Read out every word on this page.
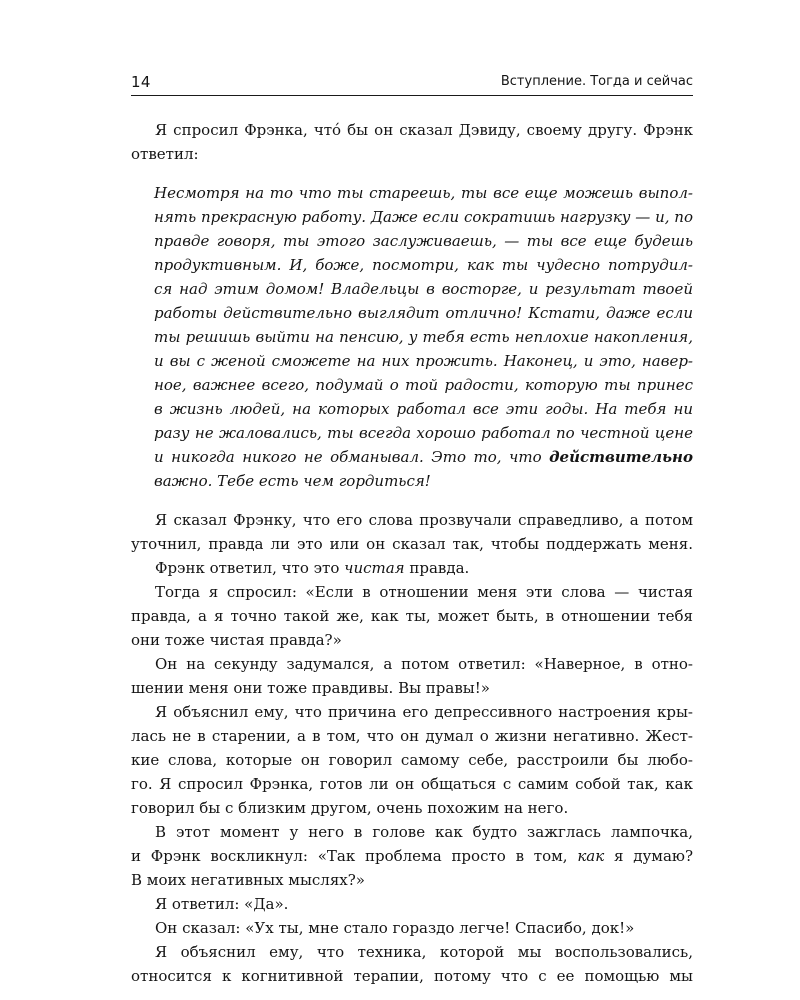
14	Вступление. Тогда и сейчас
Я спросил Фрэнка, чтó бы он сказал Дэвиду, своему другу. Фрэнк
ответил:
Несмотря на то что ты стареешь, ты все еще можешь выпол-
нять прекрасную работу. Даже если сократишь нагрузку — и, по
правде говоря, ты этого заслуживаешь, — ты все еще будешь
продуктивным. И, боже, посмотри, как ты чудесно потрудил-
ся над этим домом! Владельцы в восторге, и результат твоей
работы действительно выглядит отлично! Кстати, даже если
ты решишь выйти на пенсию, у тебя есть неплохие накопления,
и вы с женой сможете на них прожить. Наконец, и это, навер-
ное, важнее всего, подумай о той радости, которую ты принес
в жизнь людей, на которых работал все эти годы. На тебя ни
разу не жаловались, ты всегда хорошо работал по честной цене
и никогда никого не обманывал. Это то, что действительно
важно. Тебе есть чем гордиться!
Я сказал Фрэнку, что его слова прозвучали справедливо, а потом
уточнил, правда ли это или он сказал так, чтобы поддержать меня.
Фрэнк ответил, что это чистая правда.
Тогда я спросил: «Если в отношении меня эти слова — чистая
правда, а я точно такой же, как ты, может быть, в отношении тебя
они тоже чистая правда?»
Он на секунду задумался, а потом ответил: «Наверное, в отно-
шении меня они тоже правдивы. Вы правы!»
Я объяснил ему, что причина его депрессивного настроения кры-
лась не в старении, а в том, что он думал о жизни негативно. Жест-
кие слова, которые он говорил самому себе, расстроили бы любо-
го. Я спросил Фрэнка, готов ли он общаться с самим собой так, как
говорил бы с близким другом, очень похожим на него.
В этот момент у него в голове как будто зажглась лампочка,
и Фрэнк воскликнул: «Так проблема просто в том, как я думаю?
В моих негативных мыслях?»
Я ответил: «Да».
Он сказал: «Ух ты, мне стало гораздо легче! Спасибо, док!»
Я объяснил ему, что техника, которой мы воспользовались,
относится к когнитивной терапии, потому что с ее помощью мы
